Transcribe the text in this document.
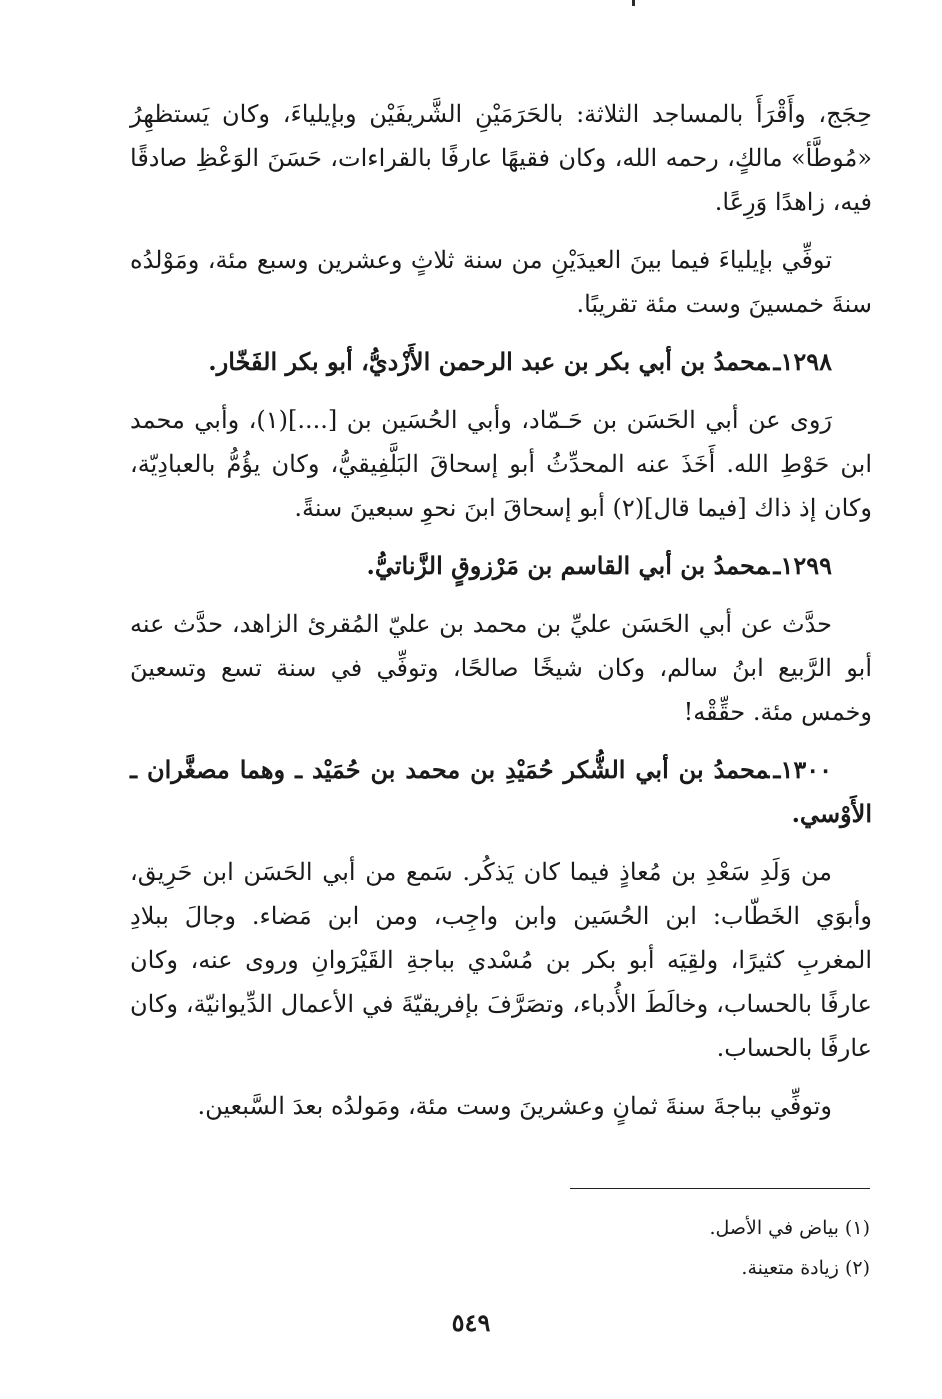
حِجَج، وأَقْرَأَ بالمساجد الثلاثة: بالحَرَمَيْنِ الشَّريفَيْن وبإيلياءَ، وكان يَستظهِرُ «مُوطَّأ» مالكٍ، رحمه الله، وكان فقيهًا عارفًا بالقراءات، حَسَنَ الوَعْظِ صادقًا فيه، زاهدًا وَرِعًا.

توفِّي بإيلياءَ فيما بينَ العيدَيْنِ من سنة ثلاثٍ وعشرين وسبع مئة، ومَوْلدُه سنةَ خمسينَ وست مئة تقريبًا.

١٢٩٨ـمحمدُ بن أبي بكر بن عبد الرحمن الأَزْديُّ، أبو بكر الفَخّار.

رَوى عن أبي الحَسَن بن حَـمّاد، وأبي الحُسَين بن [....](١)، وأبي محمد ابن حَوْطِ الله. أَخَذَ عنه المحدِّثُ أبو إسحاقَ البَلَّفِيقيُّ، وكان يؤُمُّ بالعبادِيّة، وكان إذ ذاك [فيما قال](٢) أبو إسحاقَ ابنَ نحوِ سبعينَ سنةً.

١٢٩٩ـمحمدُ بن أبي القاسم بن مَرْزوقٍ الزَّناتيُّ.

حدَّث عن أبي الحَسَن عليِّ بن محمد بن عليّ المُقرئ الزاهد، حدَّث عنه أبو الرَّبيع ابنُ سالم، وكان شيخًا صالحًا، وتوفِّي في سنة تسع وتسعينَ وخمس مئة. حقِّقْه!

١٣٠٠ـمحمدُ بن أبي الشُّكر حُمَيْدِ بن محمد بن حُمَيْد ـ وهما مصغَّران ـ الأَوْسي.

من وَلَدِ سَعْدِ بن مُعاذٍ فيما كان يَذكُر. سَمع من أبي الحَسَن ابن حَرِيق، وأبوَي الخَطّاب: ابن الحُسَين وابن واجِب، ومن ابن مَضاء. وجالَ ببلادِ المغربِ كثيرًا، ولقِيَه أبو بكر بن مُسْدي بباجةِ القَيْرَوانِ وروى عنه، وكان عارفًا بالحساب، وخالَطَ الأُدباء، وتصَرَّفَ بإفريقيّةَ في الأعمال الدِّيوانيّة، وكان عارفًا بالحساب.

وتوفِّي بباجةَ سنةَ ثمانٍ وعشرينَ وست مئة، ومَولدُه بعدَ السَّبعين.

(١) بياض في الأصل.

(٢) زيادة متعينة.

٥٤٩
